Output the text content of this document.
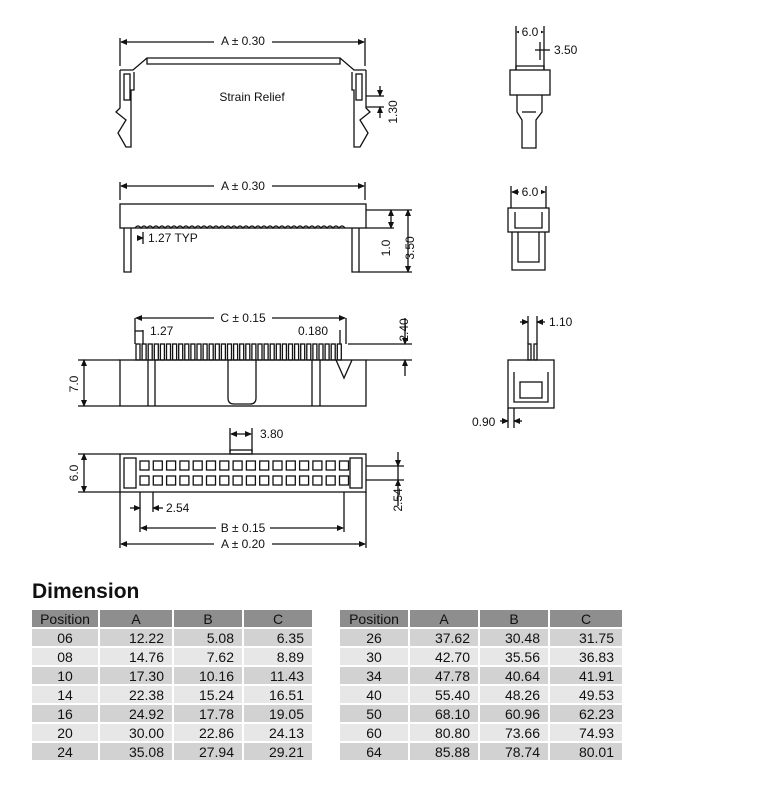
A ± 0.30
Strain Relief
1.30
6.0
3.50
A ± 0.30
1.27 TYP
1.0 3.50
6.0
C ± 0.15
1.27	0.180
7.0
2.40	1.10
0.90
3.80
6.0
2.54
2.54
B ± 0.15
A ± 0.20
Dimension
Position	A	B	C
06	12.22	5.08	6.35
08	14.76	7.62	8.89
10	17.30	10.16	11.43
14	22.38	15.24	16.51
16	24.92	17.78	19.05
20	30.00	22.86	24.13
24	35.08	27.94	29.21
Position	A	B	C
26	37.62	30.48	31.75
30	42.70	35.56	36.83
34	47.78	40.64	41.91
40	55.40	48.26	49.53
50	68.10	60.96	62.23
60	80.80	73.66	74.93
64	85.88	78.74	80.01
